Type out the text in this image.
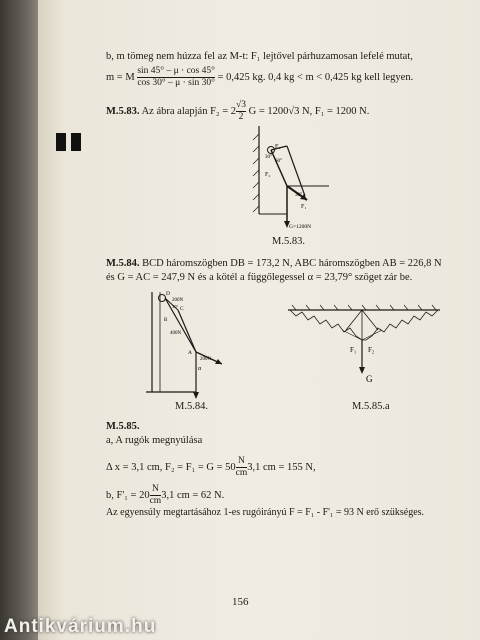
b, m tömeg nem húzza fel az M-t: F₁ lejtővel párhuzamosan lefelé mutat,
m = M $\frac{\sin 45^\circ - \mu \cdot \cos 45^\circ}{\cos 30^\circ - \mu \cdot \sin 30^\circ} = 0,425$ kg. 0,4 kg < m < 0,425 kg kell legyen.
M.5.83. Az ábra alapján $F_2 = 2 \frac{√3}{2}$ G = 1200√3 N, F₁ = 1200 N.
F₁
30°
60°
F₂
30°
F₁
G=1200N
M.5.83.
M.5.84. BCD háromszögben DB = 173,2 N, ABC háromszögben AB = 226,8 N
és G = AC = 247,9 N és a kötél a függőlegessel α = 23,79° szöget zár be.
D
200N
C
30°
B
400N
A
200N
α
M.5.84.
F₁ F₂
G
M.5.85.a
M.5.85.
a, A rugók megnyúlása
Δ x = 3,1 cm, $F_2 = F_1 = G = 50 \frac{N}{cm} 3,1$ cm = 155 N,
b, $F'_1 = 20 \frac{N}{cm} 3,1$ cm = 62 N.
Az egyensúly megtartásához 1-es rugóirányú F = F₁ - F'₁ = 93 N erő szükséges.
156
Antikvárium.hu
